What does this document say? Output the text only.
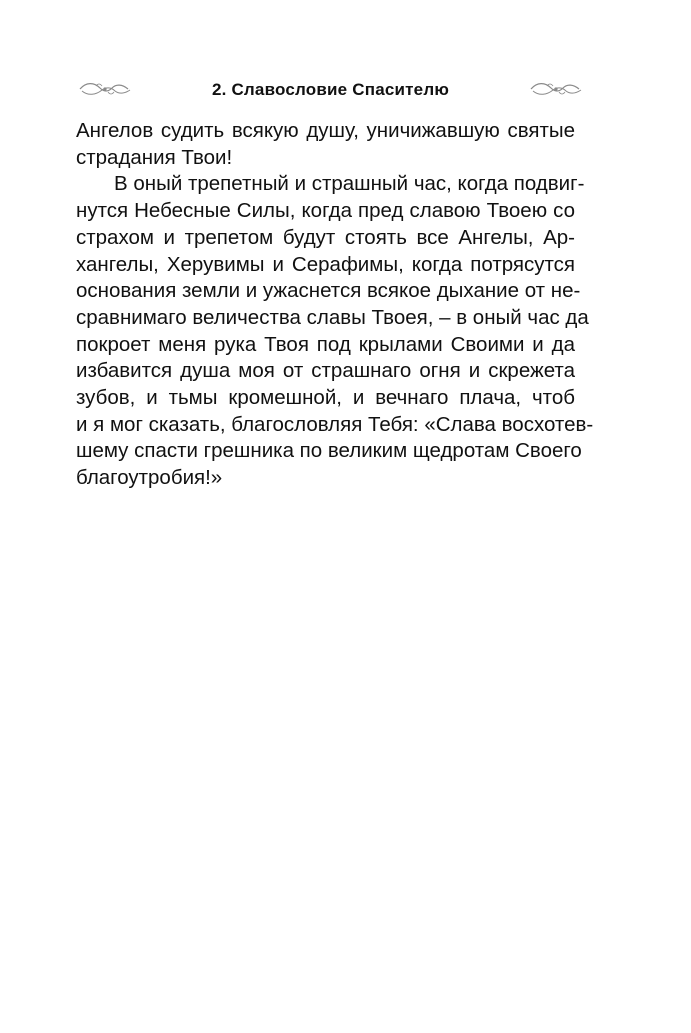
2. Славословие Спасителю
Ангелов судить всякую душу, уничижавшую святые
страдания Твои!
В оный трепетный и страшный час, когда подвиг-
нутся Небесные Силы, когда пред славою Твоею со
страхом и трепетом будут стоять все Ангелы, Ар-
хангелы, Херувимы и Серафимы, когда потрясутся
основания земли и ужаснется всякое дыхание от не-
сравнимаго величества славы Твоея, – в оный час да
покроет меня рука Твоя под крылами Своими и да
избавится душа моя от страшнаго огня и скрежета
зубов, и тьмы кромешной, и вечнаго плача, чтоб
и я мог сказать, благословляя Тебя: «Слава восхотев-
шему спасти грешника по великим щедротам Своего
благоутробия!»
